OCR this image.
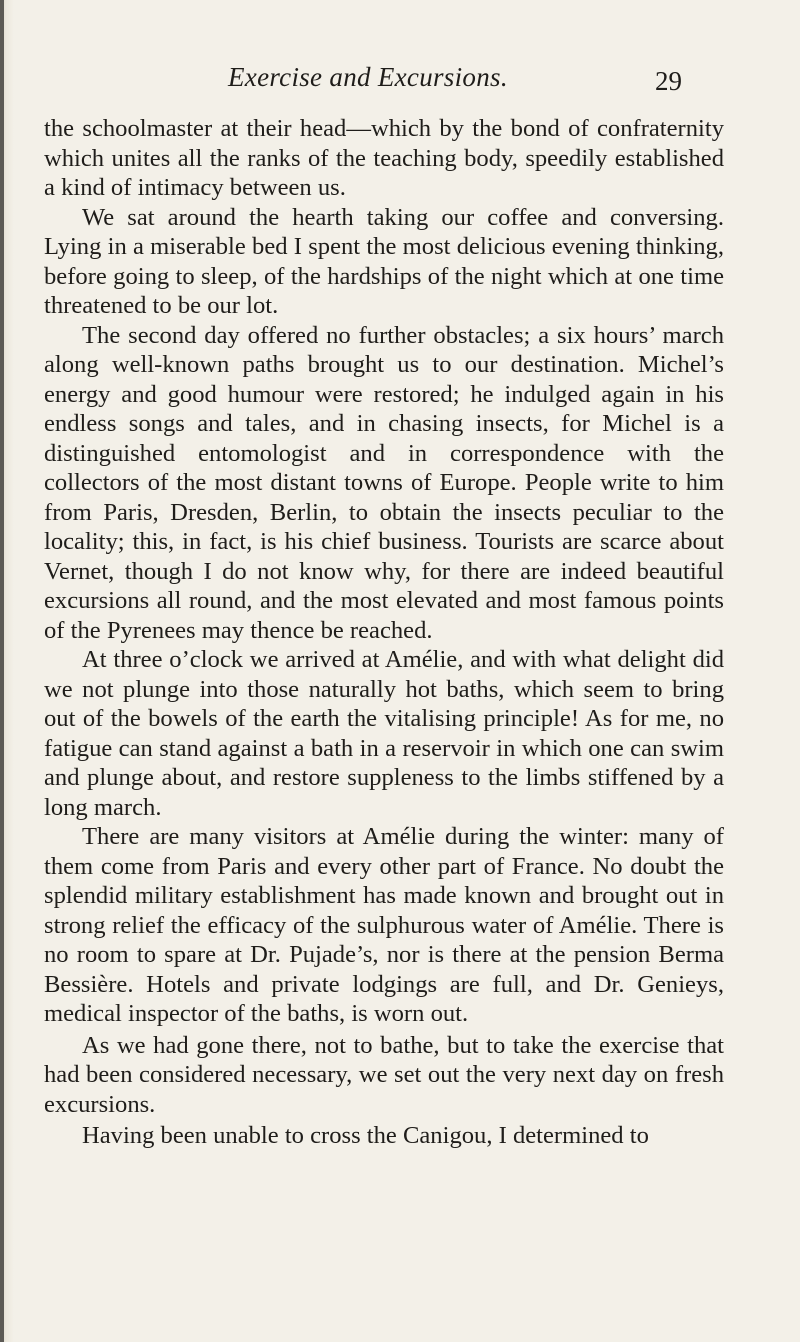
Exercise and Excursions.	29

the schoolmaster at their head—which by the bond of confraternity which unites all the ranks of the teaching body, speedily established a kind of intimacy between us.

We sat around the hearth taking our coffee and conversing. Lying in a miserable bed I spent the most delicious evening thinking, before going to sleep, of the hardships of the night which at one time threatened to be our lot.

The second day offered no further obstacles; a six hours’ march along well-known paths brought us to our destination. Michel’s energy and good humour were restored; he indulged again in his endless songs and tales, and in chasing insects, for Michel is a distinguished entomologist and in correspondence with the collectors of the most distant towns of Europe. People write to him from Paris, Dresden, Berlin, to obtain the insects peculiar to the locality; this, in fact, is his chief business. Tourists are scarce about Vernet, though I do not know why, for there are indeed beautiful excursions all round, and the most elevated and most famous points of the Pyrenees may thence be reached.

At three o’clock we arrived at Amélie, and with what delight did we not plunge into those naturally hot baths, which seem to bring out of the bowels of the earth the vitalising principle! As for me, no fatigue can stand against a bath in a reservoir in which one can swim and plunge about, and restore suppleness to the limbs stiffened by a long march.

There are many visitors at Amélie during the winter: many of them come from Paris and every other part of France. No doubt the splendid military establishment has made known and brought out in strong relief the efficacy of the sulphurous water of Amélie. There is no room to spare at Dr. Pujade’s, nor is there at the pension Berma Bessière. Hotels and private lodgings are full, and Dr. Genieys, medical inspector of the baths, is worn out.

As we had gone there, not to bathe, but to take the exercise that had been considered necessary, we set out the very next day on fresh excursions.

Having been unable to cross the Canigou, I determined to
